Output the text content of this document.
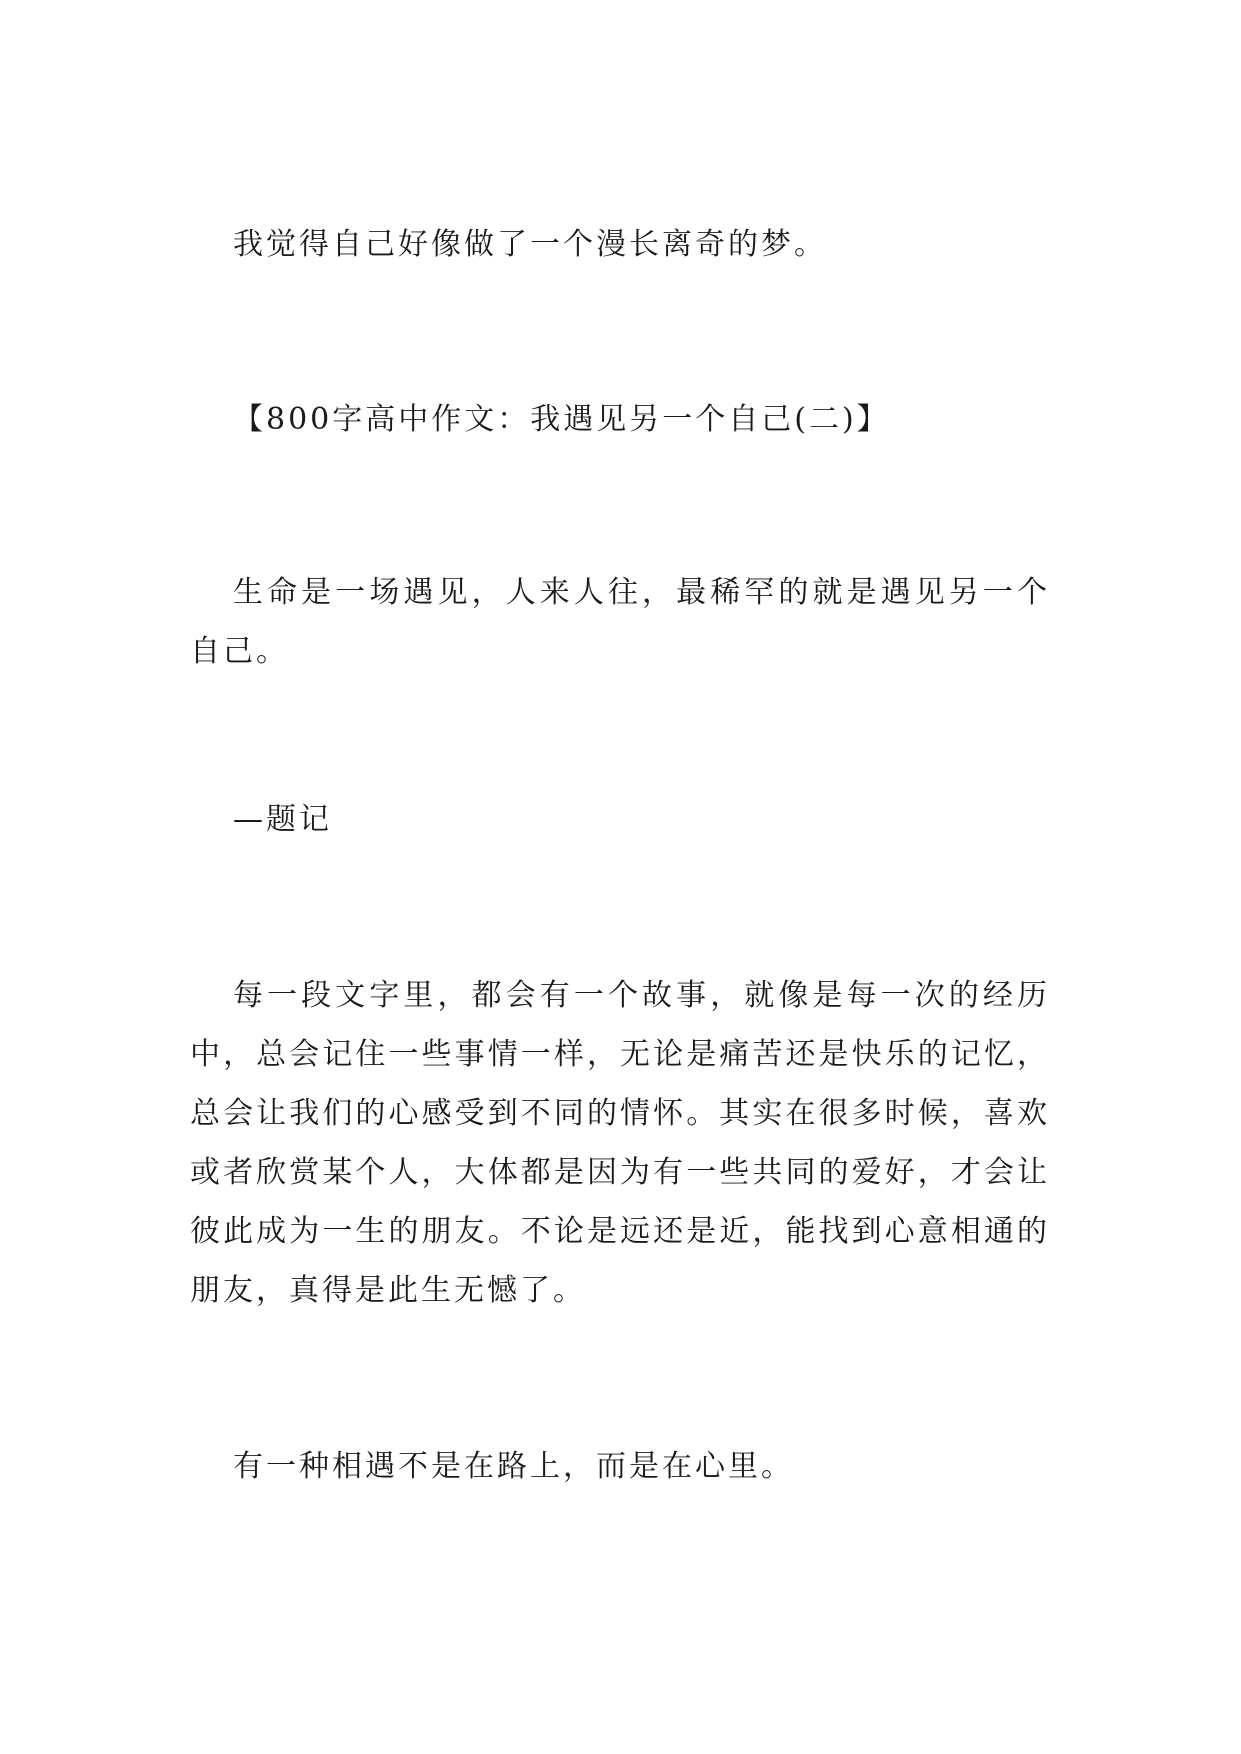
我觉得自己好像做了一个漫长离奇的梦。

【800字高中作文：我遇见另一个自己(二)】

生命是一场遇见，人来人往，最稀罕的就是遇见另一个自己。

—题记

每一段文字里，都会有一个故事，就像是每一次的经历中，总会记住一些事情一样，无论是痛苦还是快乐的记忆，总会让我们的心感受到不同的情怀。其实在很多时候，喜欢或者欣赏某个人，大体都是因为有一些共同的爱好，才会让彼此成为一生的朋友。不论是远还是近，能找到心意相通的朋友，真得是此生无憾了。

有一种相遇不是在路上，而是在心里。
